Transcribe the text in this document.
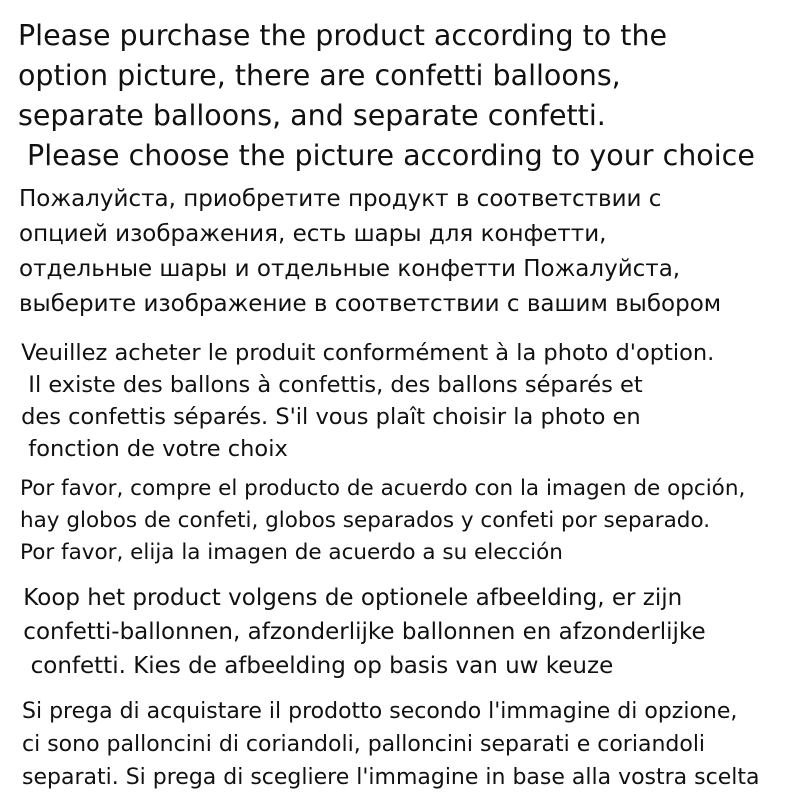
Please purchase the product according to the
option picture, there are confetti balloons,
separate balloons, and separate confetti.
Please choose the picture according to your choice
Пожалуйста, приобретите продукт в соответствии с
опцией изображения, есть шары для конфетти,
отдельные шары и отдельные конфетти Пожалуйста,
выберите изображение в соответствии с вашим выбором
Veuillez acheter le produit conformément à la photo d'option.
Il existe des ballons à confettis, des ballons séparés et
des confettis séparés. S'il vous plaît choisir la photo en
fonction de votre choix
Por favor, compre el producto de acuerdo con la imagen de opción,
hay globos de confeti, globos separados y confeti por separado.
Por favor, elija la imagen de acuerdo a su elección
Koop het product volgens de optionele afbeelding, er zijn
confetti-ballonnen, afzonderlijke ballonnen en afzonderlijke
confetti. Kies de afbeelding op basis van uw keuze
Si prega di acquistare il prodotto secondo l'immagine di opzione,
ci sono palloncini di coriandoli, palloncini separati e coriandoli
separati. Si prega di scegliere l'immagine in base alla vostra scelta
